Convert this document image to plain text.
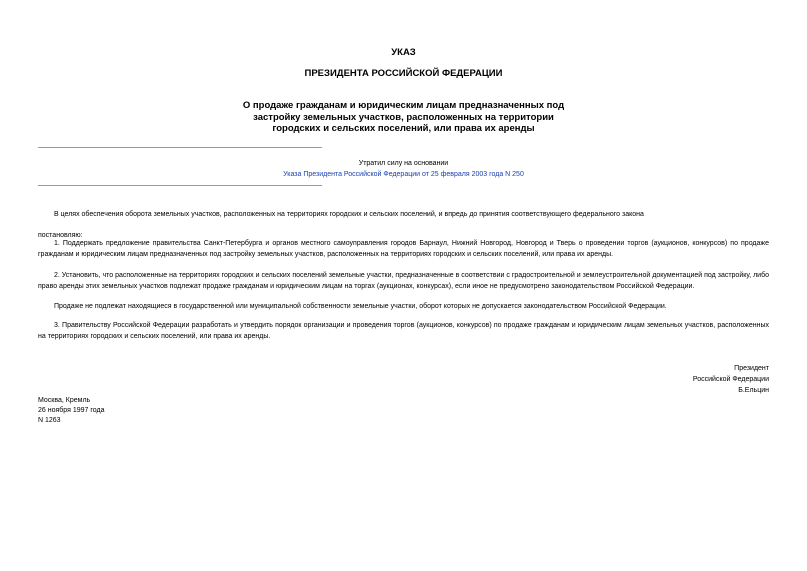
УКАЗ
ПРЕЗИДЕНТА РОССИЙСКОЙ ФЕДЕРАЦИИ
О продаже гражданам и юридическим лицам предназначенных под
застройку земельных участков, расположенных на территории
городских и сельских поселений, или права их аренды
Утратил силу на основании
Указа Президента Российской Федерации от 25 февраля 2003 года N 250
В целях обеспечения оборота земельных участков, расположенных на территориях городских и сельских поселений, и впредь до принятия соответствующего федерального закона
постановляю:
1. Поддержать предложение правительства Санкт-Петербурга и органов местного самоуправления городов Барнаул, Нижний Новгород, Новгород и Тверь о проведении торгов (аукционов, конкурсов) по продаже гражданам и юридическим лицам предназначенных под застройку земельных участков, расположенных на территориях городских и сельских поселений, или права их аренды.
2. Установить, что расположенные на территориях городских и сельских поселений земельные участки, предназначенные в соответствии с градостроительной и землеустроительной документацией под застройку, либо право аренды этих земельных участков подлежат продаже гражданам и юридическим лицам на торгах (аукционах, конкурсах), если иное не предусмотрено законодательством Российской Федерации.
Продаже не подлежат находящиеся в государственной или муниципальной собственности земельные участки, оборот которых не допускается законодательством Российской Федерации.
3. Правительству Российской Федерации разработать и утвердить порядок организации и проведения торгов (аукционов, конкурсов) по продаже гражданам и юридическим лицам земельных участков, расположенных на территориях городских и сельских поселений, или права их аренды.
Президент
Российской Федерации
Б.Ельцин
Москва, Кремль
26 ноября 1997 года
N 1263
